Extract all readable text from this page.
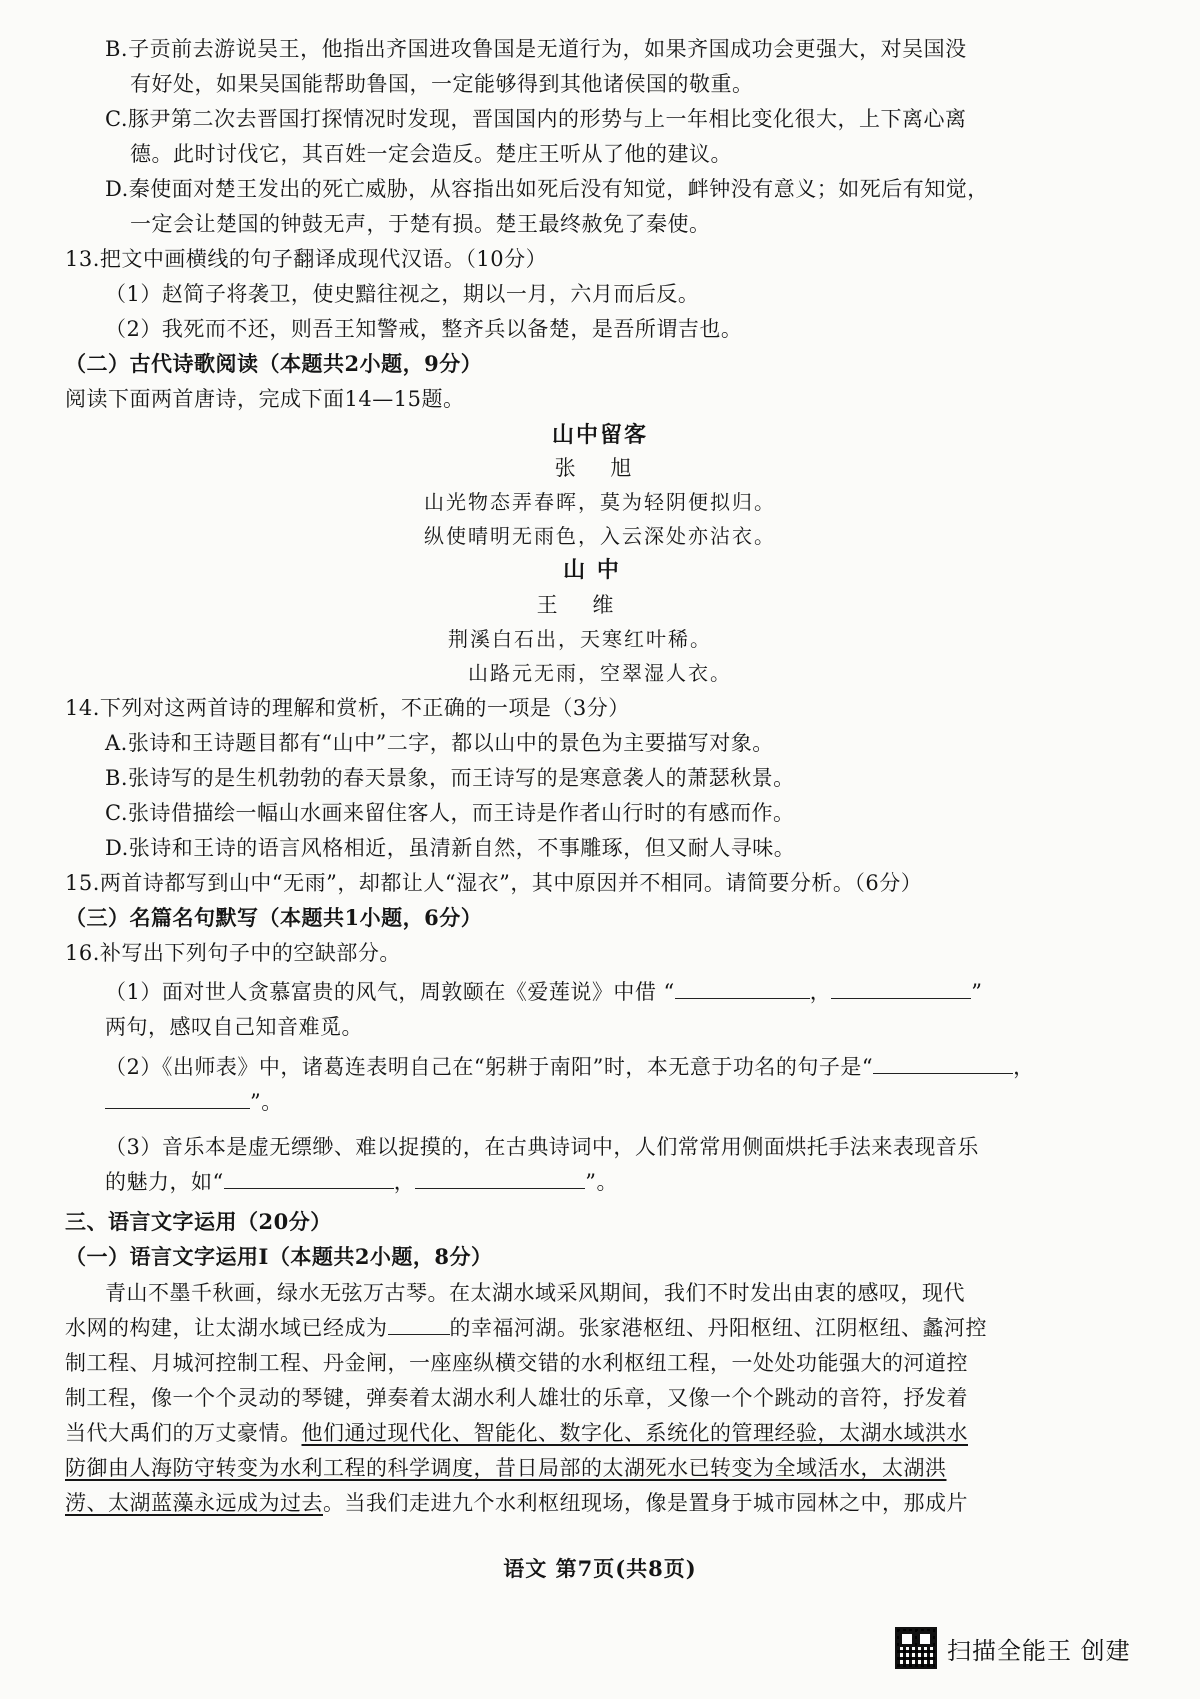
B.子贡前去游说吴王，他指出齐国进攻鲁国是无道行为，如果齐国成功会更强大，对吴国没
有好处，如果吴国能帮助鲁国，一定能够得到其他诸侯国的敬重。
C.豚尹第二次去晋国打探情况时发现，晋国国内的形势与上一年相比变化很大，上下离心离
德。此时讨伐它，其百姓一定会造反。楚庄王听从了他的建议。
D.秦使面对楚王发出的死亡威胁，从容指出如死后没有知觉，衅钟没有意义；如死后有知觉，
一定会让楚国的钟鼓无声，于楚有损。楚王最终赦免了秦使。
13.把文中画横线的句子翻译成现代汉语。（10分）
（1）赵简子将袭卫，使史黯往视之，期以一月，六月而后反。
（2）我死而不还，则吾王知警戒，整齐兵以备楚，是吾所谓吉也。
（二）古代诗歌阅读（本题共2小题，9分）
阅读下面两首唐诗，完成下面14—15题。
山中留客
张 旭
山光物态弄春晖，莫为轻阴便拟归。
纵使晴明无雨色，入云深处亦沾衣。
山 中
王 维
荆溪白石出，天寒红叶稀。
山路元无雨，空翠湿人衣。
14.下列对这两首诗的理解和赏析，不正确的一项是（3分）
A.张诗和王诗题目都有“山中”二字，都以山中的景色为主要描写对象。
B.张诗写的是生机勃勃的春天景象，而王诗写的是寒意袭人的萧瑟秋景。
C.张诗借描绘一幅山水画来留住客人，而王诗是作者山行时的有感而作。
D.张诗和王诗的语言风格相近，虽清新自然，不事雕琢，但又耐人寻味。
15.两首诗都写到山中“无雨”，却都让人“湿衣”，其中原因并不相同。请简要分析。（6分）
（三）名篇名句默写（本题共1小题，6分）
16.补写出下列句子中的空缺部分。
（1）面对世人贪慕富贵的风气，周敦颐在《爱莲说》中借 “	，	”
两句，感叹自己知音难觅。
（2）《出师表》中，诸葛连表明自己在“躬耕于南阳”时，本无意于功名的句子是“	，
”。
（3）音乐本是虚无缥缈、难以捉摸的，在古典诗词中，人们常常用侧面烘托手法来表现音乐
的魅力，如“	，	”。
三、语言文字运用（20分）
（一）语言文字运用Ⅰ（本题共2小题，8分）
青山不墨千秋画，绿水无弦万古琴。在太湖水域采风期间，我们不时发出由衷的感叹，现代
水网的构建，让太湖水域已经成为	的幸福河湖。张家港枢纽、丹阳枢纽、江阴枢纽、蠡河控
制工程、月城河控制工程、丹金闸，一座座纵横交错的水利枢纽工程，一处处功能强大的河道控
制工程，像一个个灵动的琴键，弹奏着太湖水利人雄壮的乐章，又像一个个跳动的音符，抒发着
当代大禹们的万丈豪情。他们通过现代化、智能化、数字化、系统化的管理经验，太湖水域洪水
防御由人海防守转变为水利工程的科学调度，昔日局部的太湖死水已转变为全域活水，太湖洪
涝、太湖蓝藻永远成为过去。当我们走进九个水利枢纽现场，像是置身于城市园林之中，那成片
语文 第7页(共8页)
扫描全能王 创建
